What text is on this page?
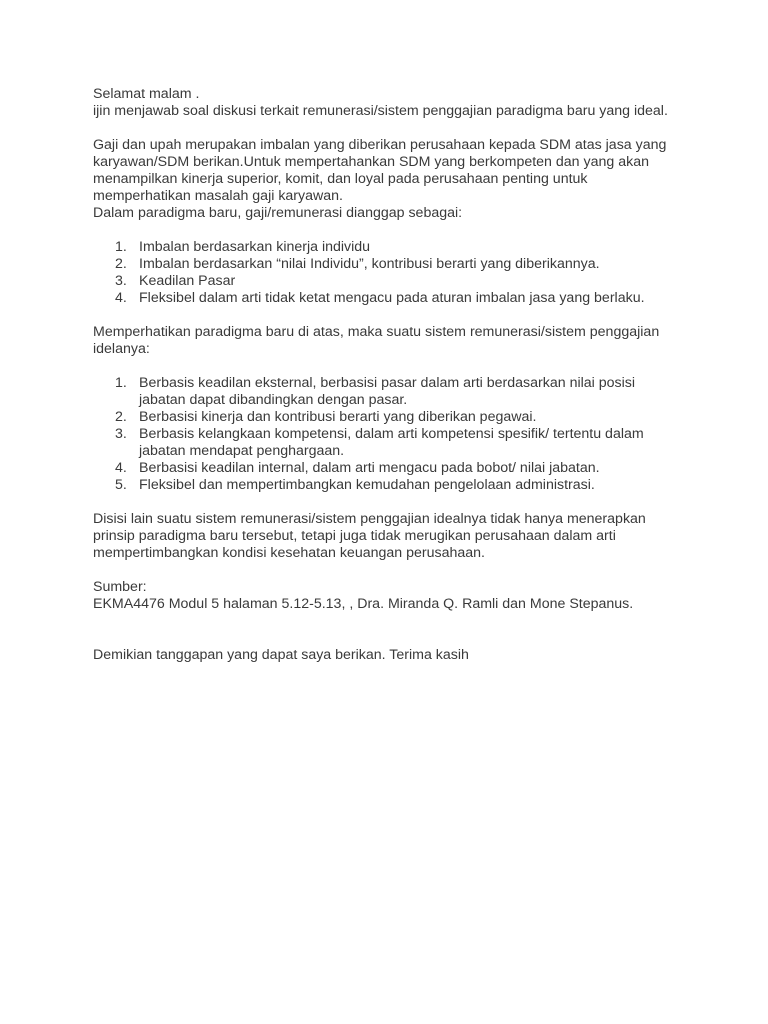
Selamat malam .

ijin menjawab soal diskusi terkait remunerasi/sistem penggajian paradigma baru yang ideal.

Gaji dan upah merupakan imbalan yang diberikan perusahaan kepada SDM atas jasa yang karyawan/SDM berikan.Untuk mempertahankan SDM yang berkompeten dan yang akan menampilkan kinerja superior, komit, dan loyal pada perusahaan penting untuk memperhatikan masalah gaji karyawan.

Dalam paradigma baru, gaji/remunerasi dianggap sebagai:

1. Imbalan berdasarkan kinerja individu
2. Imbalan berdasarkan “nilai Individu”, kontribusi berarti yang diberikannya.
3. Keadilan Pasar
4. Fleksibel dalam arti tidak ketat mengacu pada aturan imbalan jasa yang berlaku.

Memperhatikan paradigma baru di atas, maka suatu sistem remunerasi/sistem penggajian idelanya:

1. Berbasis keadilan eksternal, berbasisi pasar dalam arti berdasarkan nilai posisi jabatan dapat dibandingkan dengan pasar.
2. Berbasisi kinerja dan kontribusi berarti yang diberikan pegawai.
3. Berbasis kelangkaan kompetensi, dalam arti kompetensi spesifik/ tertentu dalam jabatan mendapat penghargaan.
4. Berbasisi keadilan internal, dalam arti mengacu pada bobot/ nilai jabatan.
5. Fleksibel dan mempertimbangkan kemudahan pengelolaan administrasi.

Disisi lain suatu sistem remunerasi/sistem penggajian idealnya tidak hanya menerapkan prinsip paradigma baru tersebut, tetapi juga tidak merugikan perusahaan dalam arti mempertimbangkan kondisi kesehatan keuangan perusahaan.

Sumber:

EKMA4476 Modul 5 halaman 5.12-5.13, , Dra. Miranda Q. Ramli dan Mone Stepanus.

Demikian tanggapan yang dapat saya berikan. Terima kasih
